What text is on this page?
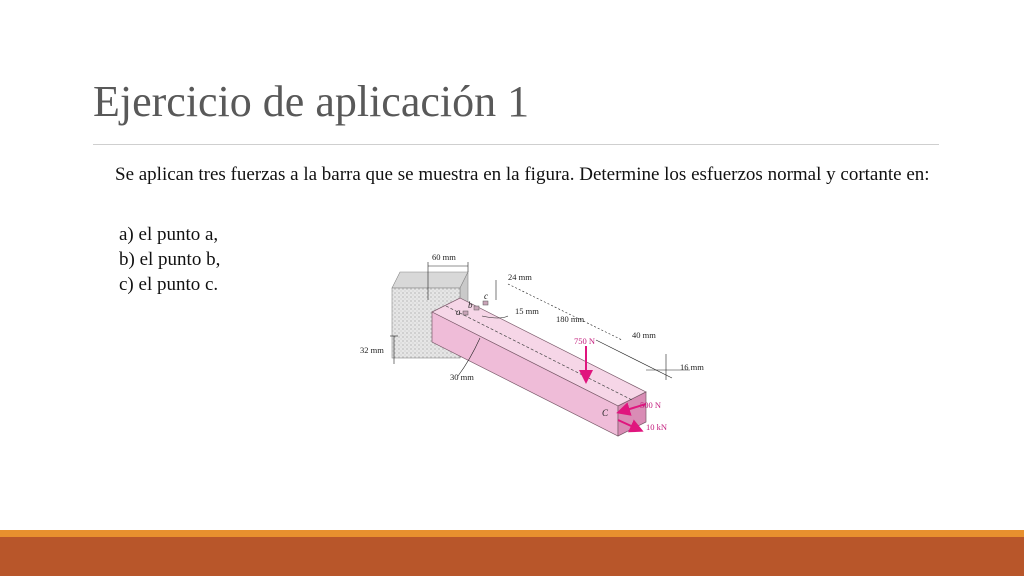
Ejercicio de aplicación 1

Se aplican tres fuerzas a la barra que se muestra en la figura. Determine los esfuerzos normal y cortante en:

a) el punto a,
b) el punto b,
c) el punto c.
a
b
c
C
60 mm
24 mm
15 mm
180 mm
40 mm
16 mm
32 mm
30 mm
750 N
500 N
10 kN
